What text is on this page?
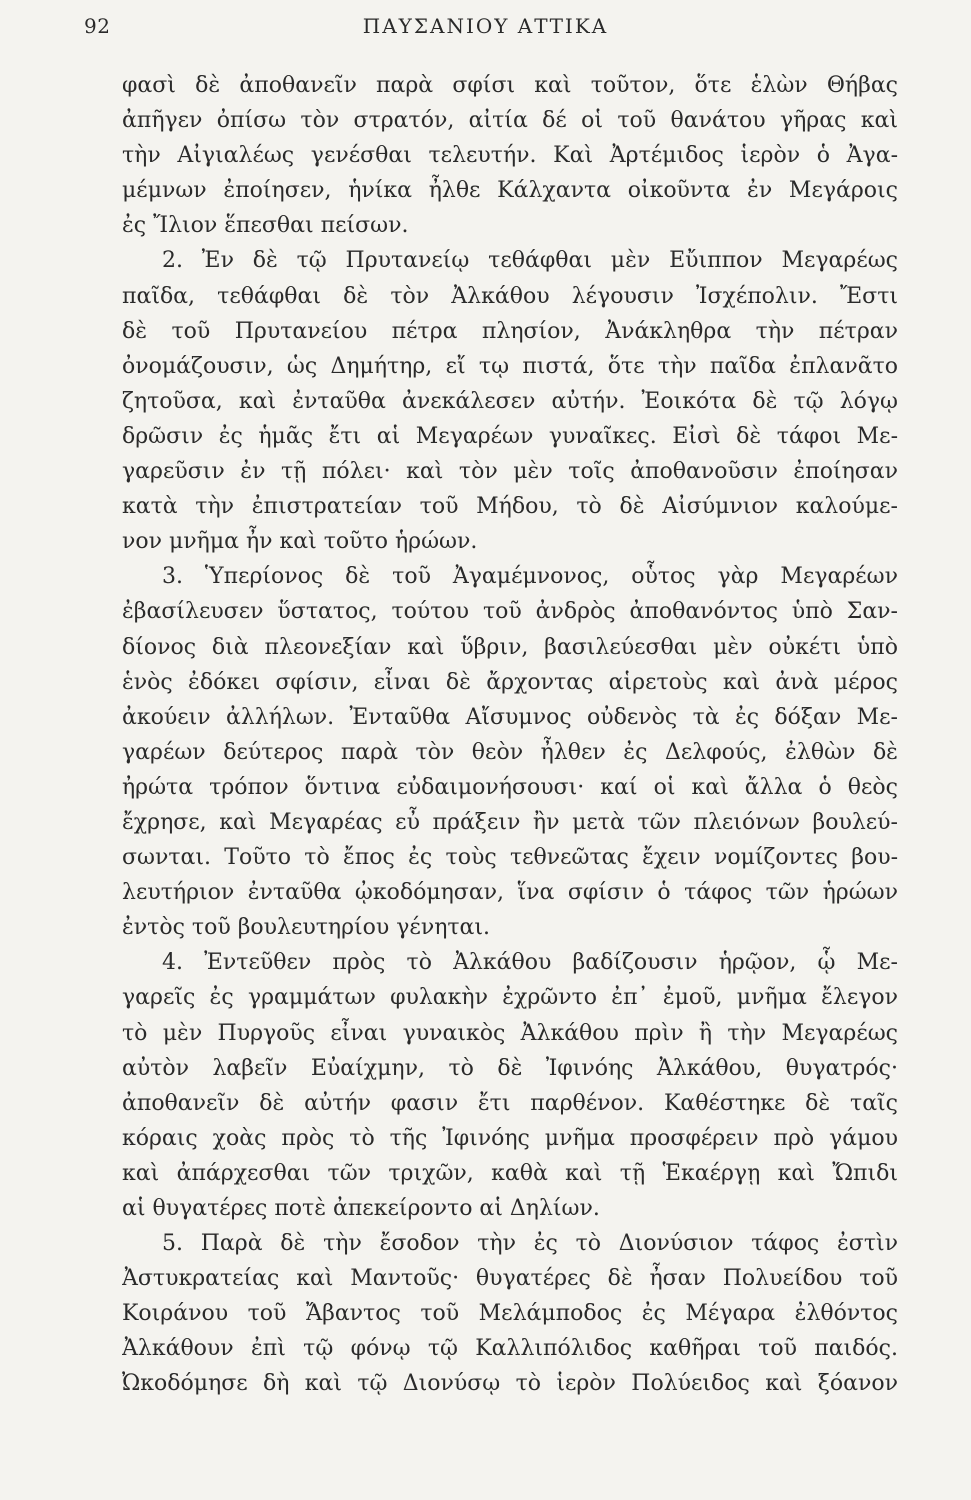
92	ΠΑΥΣΑΝΙΟΥ ΑΤΤΙΚΑ
φασὶ δὲ ἀποθανεῖν παρὰ σφίσι καὶ τοῦτον, ὅτε ἑλὼν Θήβας
ἀπῆγεν ὀπίσω τὸν στρατόν, αἰτία δέ οἱ τοῦ θανάτου γῆρας καὶ
τὴν Αἰγιαλέως γενέσθαι τελευτήν. Καὶ Ἀρτέμιδος ἱερὸν ὁ Ἀγα-
μέμνων ἐποίησεν, ἡνίκα ἦλθε Κάλχαντα οἰκοῦντα ἐν Μεγάροις
ἐς Ἴλιον ἕπεσθαι πείσων.
2. Ἐν δὲ τῷ Πρυτανείῳ τεθάφθαι μὲν Εὔιππον Μεγαρέως
παῖδα, τεθάφθαι δὲ τὸν Ἀλκάθου λέγουσιν Ἰσχέπολιν. Ἔστι
δὲ τοῦ Πρυτανείου πέτρα πλησίον, Ἀνάκληθρα τὴν πέτραν
ὀνομάζουσιν, ὡς Δημήτηρ, εἴ τῳ πιστά, ὅτε τὴν παῖδα ἐπλανᾶτο
ζητοῦσα, καὶ ἐνταῦθα ἀνεκάλεσεν αὐτήν. Ἐοικότα δὲ τῷ λόγῳ
δρῶσιν ἐς ἡμᾶς ἔτι αἱ Μεγαρέων γυναῖκες. Εἰσὶ δὲ τάφοι Με-
γαρεῦσιν ἐν τῇ πόλει· καὶ τὸν μὲν τοῖς ἀποθανοῦσιν ἐποίησαν
κατὰ τὴν ἐπιστρατείαν τοῦ Μήδου, τὸ δὲ Αἰσύμνιον καλούμε-
νον μνῆμα ἦν καὶ τοῦτο ἡρώων.
3. Ὑπερίονος δὲ τοῦ Ἀγαμέμνονος, οὗτος γὰρ Μεγαρέων
ἐβασίλευσεν ὕστατος, τούτου τοῦ ἀνδρὸς ἀποθανόντος ὑπὸ Σαν-
δίονος διὰ πλεονεξίαν καὶ ὕβριν, βασιλεύεσθαι μὲν οὐκέτι ὑπὸ
ἑνὸς ἐδόκει σφίσιν, εἶναι δὲ ἄρχοντας αἱρετοὺς καὶ ἀνὰ μέρος
ἀκούειν ἀλλήλων. Ἐνταῦθα Αἴσυμνος οὐδενὸς τὰ ἐς δόξαν Με-
γαρέων δεύτερος παρὰ τὸν θεὸν ἦλθεν ἐς Δελφούς, ἐλθὼν δὲ
ἠρώτα τρόπον ὅντινα εὐδαιμονήσουσι· καί οἱ καὶ ἄλλα ὁ θεὸς
ἔχρησε, καὶ Μεγαρέας εὖ πράξειν ἢν μετὰ τῶν πλειόνων βουλεύ-
σωνται. Τοῦτο τὸ ἔπος ἐς τοὺς τεθνεῶτας ἔχειν νομίζοντες βου-
λευτήριον ἐνταῦθα ᾠκοδόμησαν, ἵνα σφίσιν ὁ τάφος τῶν ἡρώων
ἐντὸς τοῦ βουλευτηρίου γένηται.
4. Ἐντεῦθεν πρὸς τὸ Ἀλκάθου βαδίζουσιν ἡρῷον, ᾧ Με-
γαρεῖς ἐς γραμμάτων φυλακὴν ἐχρῶντο ἐπ᾽ ἐμοῦ, μνῆμα ἔλεγον
τὸ μὲν Πυργοῦς εἶναι γυναικὸς Ἀλκάθου πρὶν ἢ τὴν Μεγαρέως
αὐτὸν λαβεῖν Εὐαίχμην, τὸ δὲ Ἰφινόης Ἀλκάθου, θυγατρός·
ἀποθανεῖν δὲ αὐτήν φασιν ἔτι παρθένον. Καθέστηκε δὲ ταῖς
κόραις χοὰς πρὸς τὸ τῆς Ἰφινόης μνῆμα προσφέρειν πρὸ γάμου
καὶ ἀπάρχεσθαι τῶν τριχῶν, καθὰ καὶ τῇ Ἑκαέργῃ καὶ Ὤπιδι
αἱ θυγατέρες ποτὲ ἀπεκείροντο αἱ Δηλίων.
5. Παρὰ δὲ τὴν ἔσοδον τὴν ἐς τὸ Διονύσιον τάφος ἐστὶν
Ἀστυκρατείας καὶ Μαντοῦς· θυγατέρες δὲ ἦσαν Πολυείδου τοῦ
Κοιράνου τοῦ Ἄβαντος τοῦ Μελάμποδος ἐς Μέγαρα ἐλθόντος
Ἀλκάθουν ἐπὶ τῷ φόνῳ τῷ Καλλιπόλιδος καθῆραι τοῦ παιδός.
Ὠκοδόμησε δὴ καὶ τῷ Διονύσῳ τὸ ἱερὸν Πολύειδος καὶ ξόανον
